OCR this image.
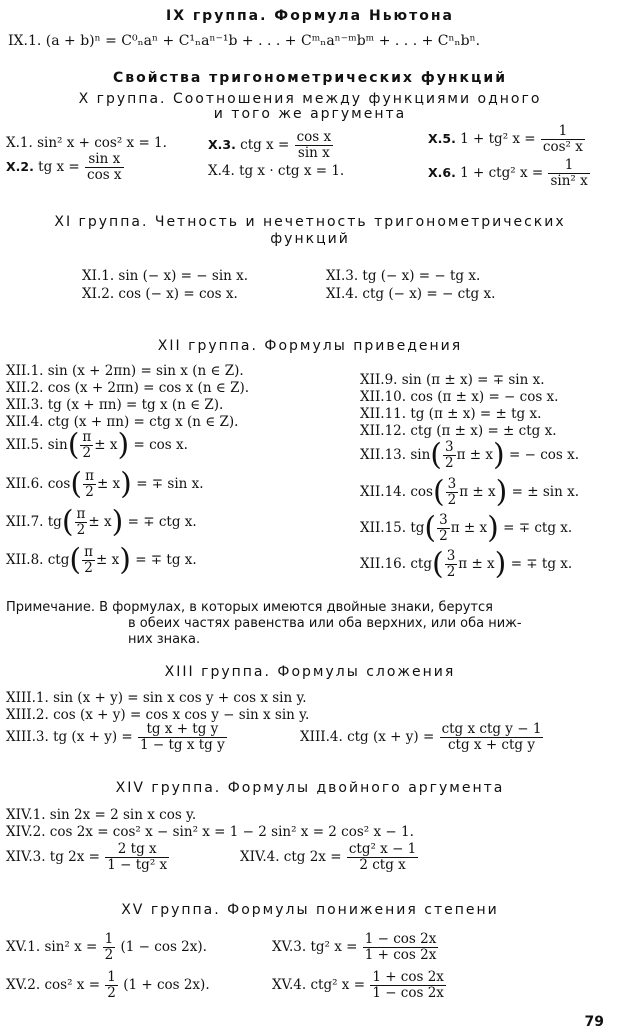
IX группа. Формула Ньютона
IX.1. (a + b)ⁿ = C⁰ₙaⁿ + C¹ₙaⁿ⁻¹b + . . . + Cᵐₙaⁿ⁻ᵐbᵐ + . . . + Cⁿₙbⁿ.
Свойства тригонометрических функций
X группа. Соотношения между функциями одного
и того же аргумента
X.1. sin² x + cos² x = 1.
X.2. tg $x = \frac{\text{sin x}}{\text{cos x}}$
X.3. ctg $x = \frac{\text{cos x}}{\text{sin x}}$
X.4. tg x · ctg x = 1.
X.5. 1 + tg² $x = \frac{1}{\text{cos² x}}$
X.6. 1 + ctg² $x = \frac{1}{\text{sin² x}}$
XI группа. Четность и нечетность тригонометрических
функций
XI.1. sin (− x) = − sin x.
XI.2. cos (− x) = cos x.
XI.3. tg (− x) = − tg x.
XI.4. ctg (− x) = − ctg x.
XII группа. Формулы приведения
XII.1. sin (x + 2πn) = sin x (n ∈ Z).
XII.2. cos (x + 2πn) = cos x (n ∈ Z).
XII.3. tg (x + πn) = tg x (n ∈ Z).
XII.4. ctg (x + πn) = ctg x (n ∈ Z).
XII.5. $\sin( \frac{\pi}{2} \pm x) = \cos x$.
XII.6. $\cos( \frac{\pi}{2} \pm x)$ = ∓ sin x.
XII.7. $tg( \frac{\pi}{2} \pm x)$ = ∓ ctg x.
XII.8. $ctg( \frac{\pi}{2} \pm x)$ = ∓ tg x.
XII.9. sin (π ± x) = ∓ sin x.
XII.10. cos (π ± x) = − cos x.
XII.11. tg (π ± x) = ± tg x.
XII.12. ctg (π ± x) = ± ctg x.
XII.13. $\sin( \frac{3}{2}$ π ± x) = − cos x.
XII.14. $\cos( \frac{3}{2}$ π ± x) = ± sin x.
XII.15. $tg( \frac{3}{2}$ π ± x) = ∓ ctg x.
XII.16. $ctg( \frac{3}{2}$ π ± x) = ∓ tg x.
Примечание. В формулах, в которых имеются двойные знаки, берутся
в обеих частях равенства или оба верхних, или оба ниж-
них знака.
XIII группа. Формулы сложения
XIII.1. sin (x + y) = sin x cos y + cos x sin y.
XIII.2. cos (x + y) = cos x cos y − sin x sin y.
XIII.3. tg $(x + y) = \frac{\text{tg x + tg y}}{\text{1 − tg x tg y}}$	XIII.4. ctg (x + y) = ctg x ctg y − 1
ctg x + ctg y
XIV группа. Формулы двойного аргумента
XIV.1. sin 2x = 2 sin x cos y.
XIV.2. cos 2x = cos² x − sin² x = 1 − 2 sin² x = 2 cos² x − 1.
XIV.3. tg $2x = \frac{\text{2 tg x}}{\text{1 − tg² x}}$	XIV.4. ctg 2x = ctg² x − 1
2 ctg x
XV группа. Формулы понижения степени
XV.1. sin² $x = \frac{1}{2} (1 - \cos 2x)$.
XV.2. cos² $x = \frac{1}{2} (1 + \cos 2x)$.
XV.3. tg² $x = \frac{1 - \cos 2x}{1 + \cos 2x}$
XV.4. ctg² $x = \frac{1 + \cos 2x}{1 - \cos 2x}$
79
